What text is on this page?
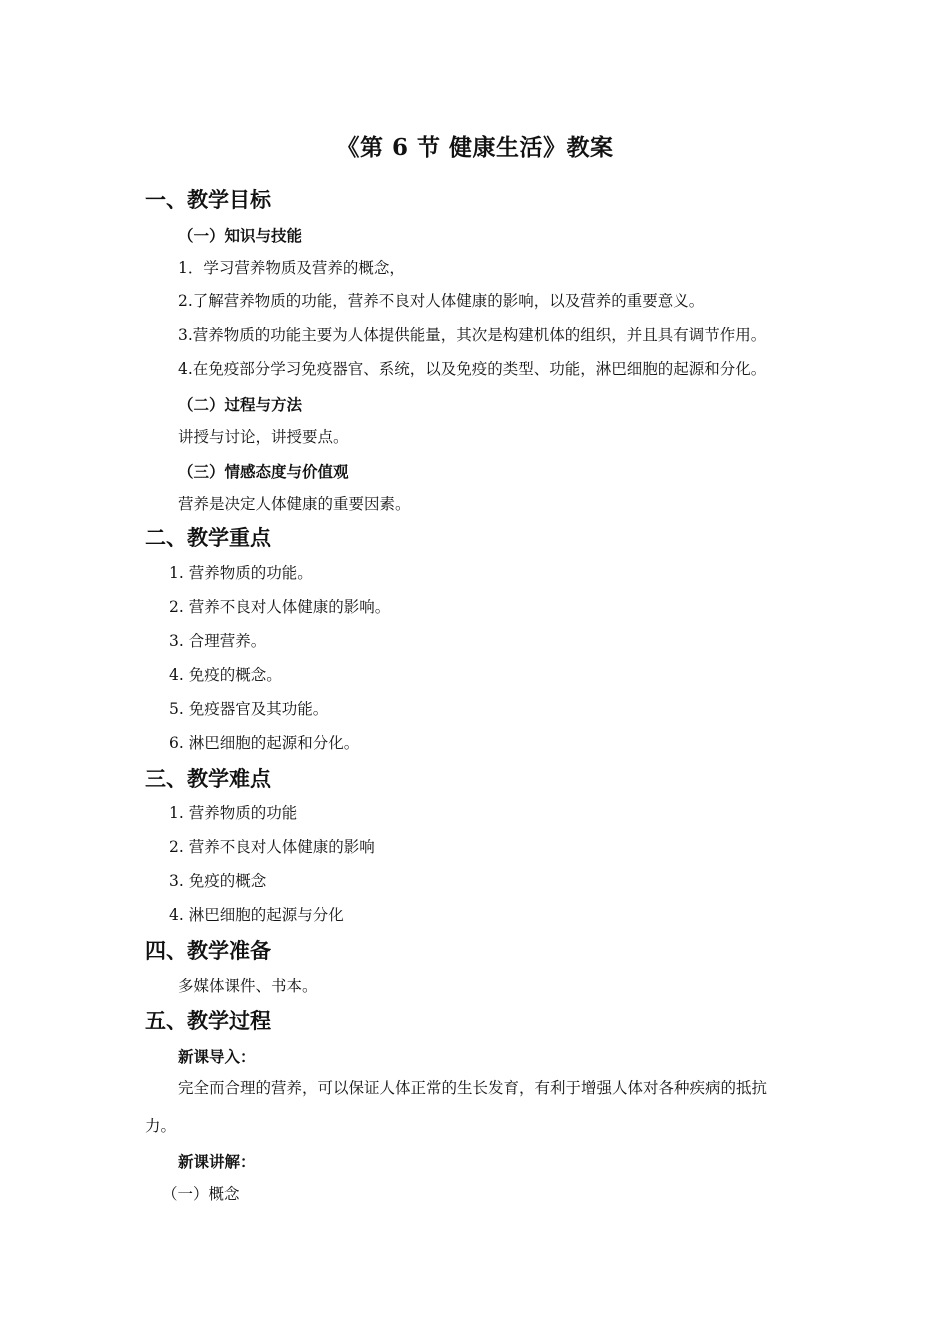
《第 6 节 健康生活》教案
一、教学目标
（一）知识与技能
1．学习营养物质及营养的概念，
2.了解营养物质的功能，营养不良对人体健康的影响，以及营养的重要意义。
3.营养物质的功能主要为人体提供能量，其次是构建机体的组织，并且具有调节作用。
4.在免疫部分学习免疫器官、系统，以及免疫的类型、功能，淋巴细胞的起源和分化。
（二）过程与方法
讲授与讨论，讲授要点。
（三）情感态度与价值观
营养是决定人体健康的重要因素。
二、教学重点
1. 营养物质的功能。
2. 营养不良对人体健康的影响。
3. 合理营养。
4. 免疫的概念。
5. 免疫器官及其功能。
6. 淋巴细胞的起源和分化。
三、教学难点
1. 营养物质的功能
2. 营养不良对人体健康的影响
3. 免疫的概念
4. 淋巴细胞的起源与分化
四、教学准备
多媒体课件、书本。
五、教学过程
新课导入：
完全而合理的营养，可以保证人体正常的生长发育，有利于增强人体对各种疾病的抵抗
力。
新课讲解：
（一）概念
